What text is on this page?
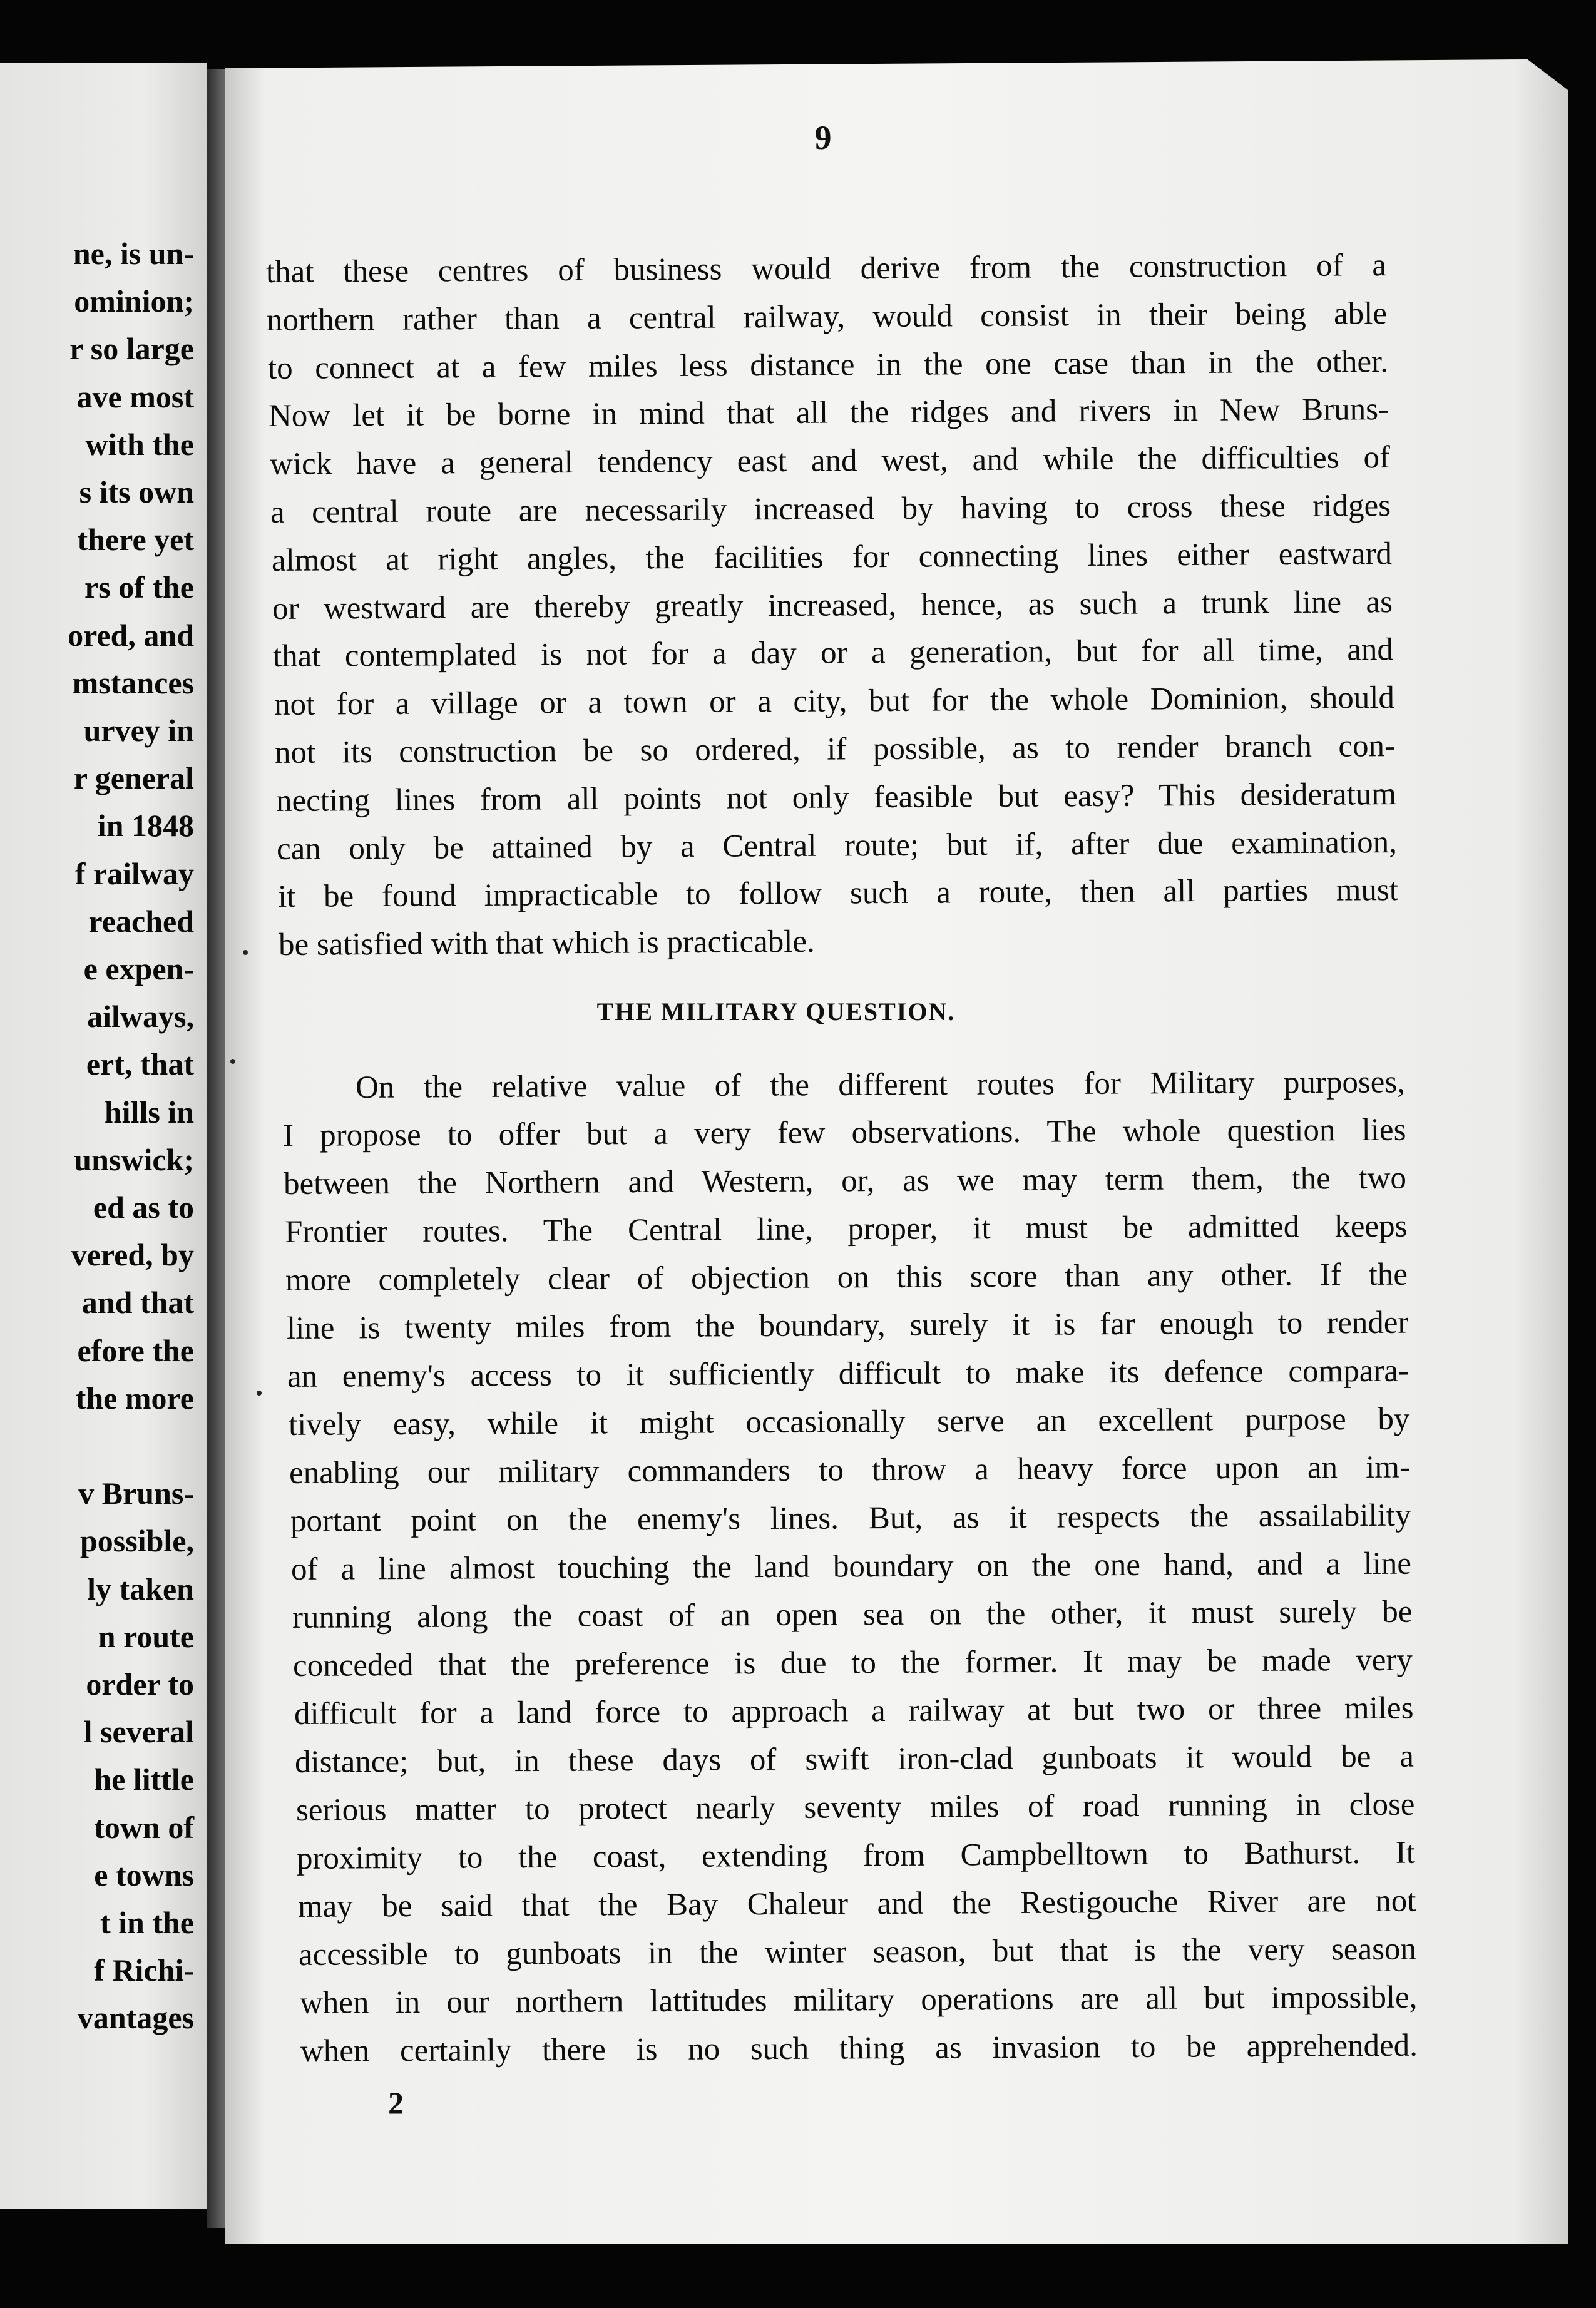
ne, is un-
ominion;
r so large
ave most
with the
s its own
there yet
rs of the
ored, and
mstances
urvey in
r general
in 1848
f railway
reached
e expen-
ailways,
ert, that
hills in
unswick;
ed as to
vered, by
and that
efore the
the more
v Bruns-
possible,
ly taken
n route
order to
l several
he little
town of
e towns
t in the
f Richi-
vantages
9
that these centres of business would derive from the construction of a
northern rather than a central railway, would consist in their being able
to connect at a few miles less distance in the one case than in the other.
Now let it be borne in mind that all the ridges and rivers in New Bruns-
wick have a general tendency east and west, and while the difficulties of
a central route are necessarily increased by having to cross these ridges
almost at right angles, the facilities for connecting lines either eastward
or westward are thereby greatly increased, hence, as such a trunk line as
that contemplated is not for a day or a generation, but for all time, and
not for a village or a town or a city, but for the whole Dominion, should
not its construction be so ordered, if possible, as to render branch con-
necting lines from all points not only feasible but easy? This desideratum
can only be attained by a Central route; but if, after due examination,
it be found impracticable to follow such a route, then all parties must
be satisfied with that which is practicable.
On the relative value of the different routes for Military purposes,
I propose to offer but a very few observations. The whole question lies
between the Northern and Western, or, as we may term them, the two
Frontier routes. The Central line, proper, it must be admitted keeps
more completely clear of objection on this score than any other. If the
line is twenty miles from the boundary, surely it is far enough to render
an enemy's access to it sufficiently difficult to make its defence compara-
tively easy, while it might occasionally serve an excellent purpose by
enabling our military commanders to throw a heavy force upon an im-
portant point on the enemy's lines. But, as it respects the assailability
of a line almost touching the land boundary on the one hand, and a line
running along the coast of an open sea on the other, it must surely be
conceded that the preference is due to the former. It may be made very
difficult for a land force to approach a railway at but two or three miles
distance; but, in these days of swift iron-clad gunboats it would be a
serious matter to protect nearly seventy miles of road running in close
proximity to the coast, extending from Campbelltown to Bathurst. It
may be said that the Bay Chaleur and the Restigouche River are not
accessible to gunboats in the winter season, but that is the very season
when in our northern lattitudes military operations are all but impossible,
when certainly there is no such thing as invasion to be apprehended.
THE MILITARY QUESTION.
2
